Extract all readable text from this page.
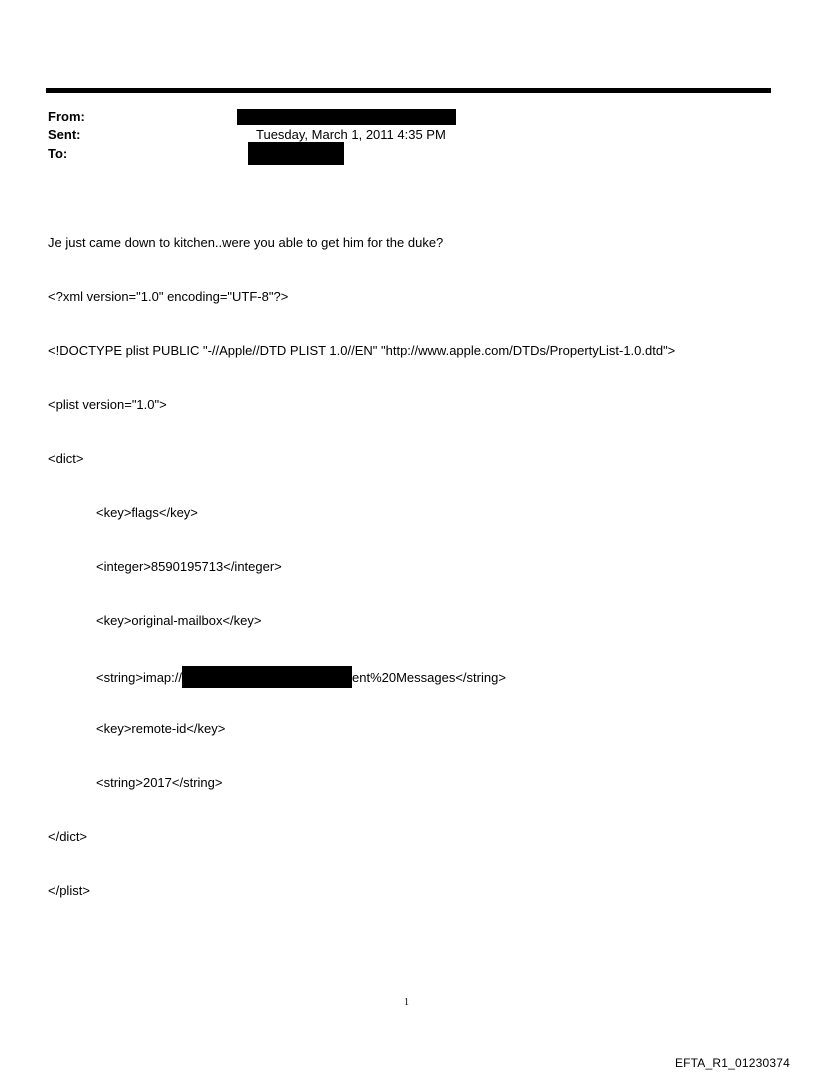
From:
Sent:	Tuesday, March 1, 2011 4:35 PM
To:

Je just came down to kitchen..were you able to get him for the duke?

<?xml version="1.0" encoding="UTF-8"?>

<!DOCTYPE plist PUBLIC "-//Apple//DTD PLIST 1.0//EN" "http://www.apple.com/DTDs/PropertyList-1.0.dtd">

<plist version="1.0">

<dict>

<key>flags</key>

<integer>8590195713</integer>

<key>original-mailbox</key>

<string>imap://	ent%20Messages</string>

<key>remote-id</key>

<string>2017</string>

</dict>

</plist>

1
EFTA_R1_01230374
